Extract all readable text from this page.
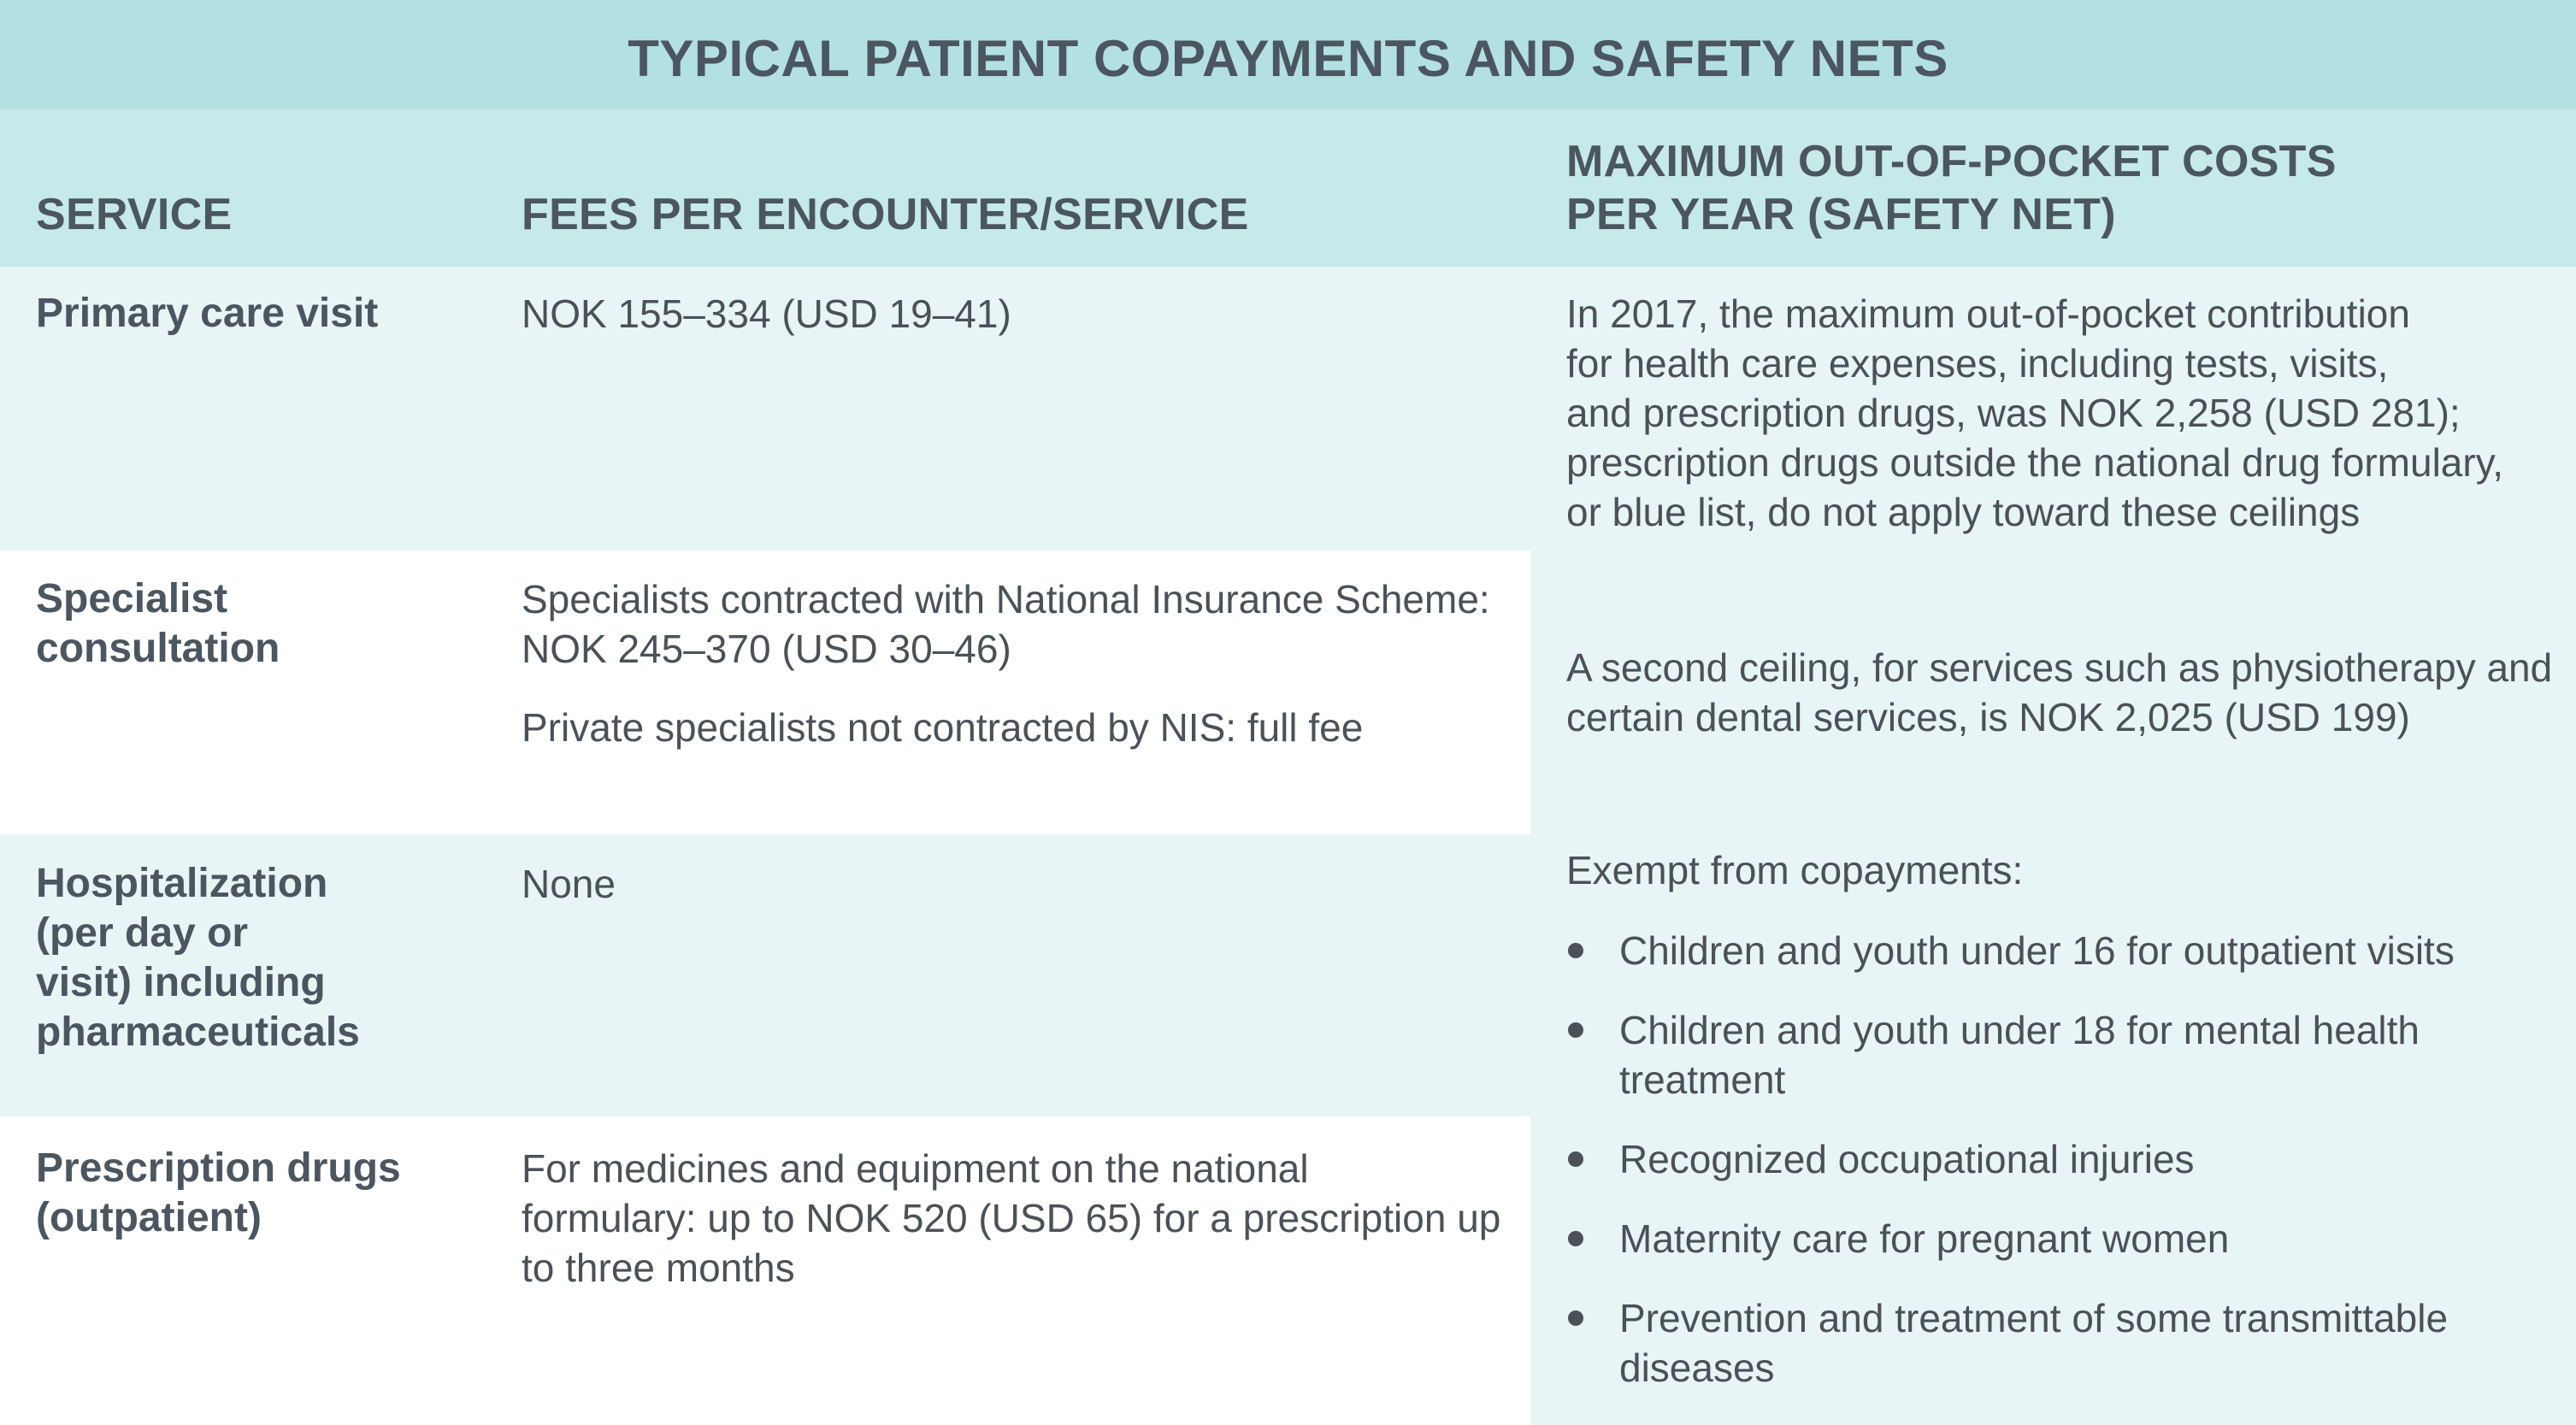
TYPICAL PATIENT COPAYMENTS AND SAFETY NETS
SERVICE	FEES PER ENCOUNTER/SERVICE
MAXIMUM OUT-OF-POCKET COSTS
PER YEAR (SAFETY NET)
Primary care visit	NOK 155–334 (USD 19–41)
Specialist
consultation

Specialists contracted with National Insurance Scheme:
NOK 245–370 (USD 30–46)

Private specialists not contracted by NIS: full fee

Hospitalization
(per day or
visit) including
pharmaceuticals
None
Prescription drugs
(outpatient)
For medicines and equipment on the national
formulary: up to NOK 520 (USD 65) for a prescription up
to three months
In 2017, the maximum out-of-pocket contribution
for health care expenses, including tests, visits,
and prescription drugs, was NOK 2,258 (USD 281);
prescription drugs outside the national drug formulary,
or blue list, do not apply toward these ceilings
A second ceiling, for services such as physiotherapy and
certain dental services, is NOK 2,025 (USD 199)

Exempt from copayments:

Children and youth under 16 for outpatient visits
Children and youth under 18 for mental health
treatment
Recognized occupational injuries
Maternity care for pregnant women
Prevention and treatment of some transmittable
diseases
